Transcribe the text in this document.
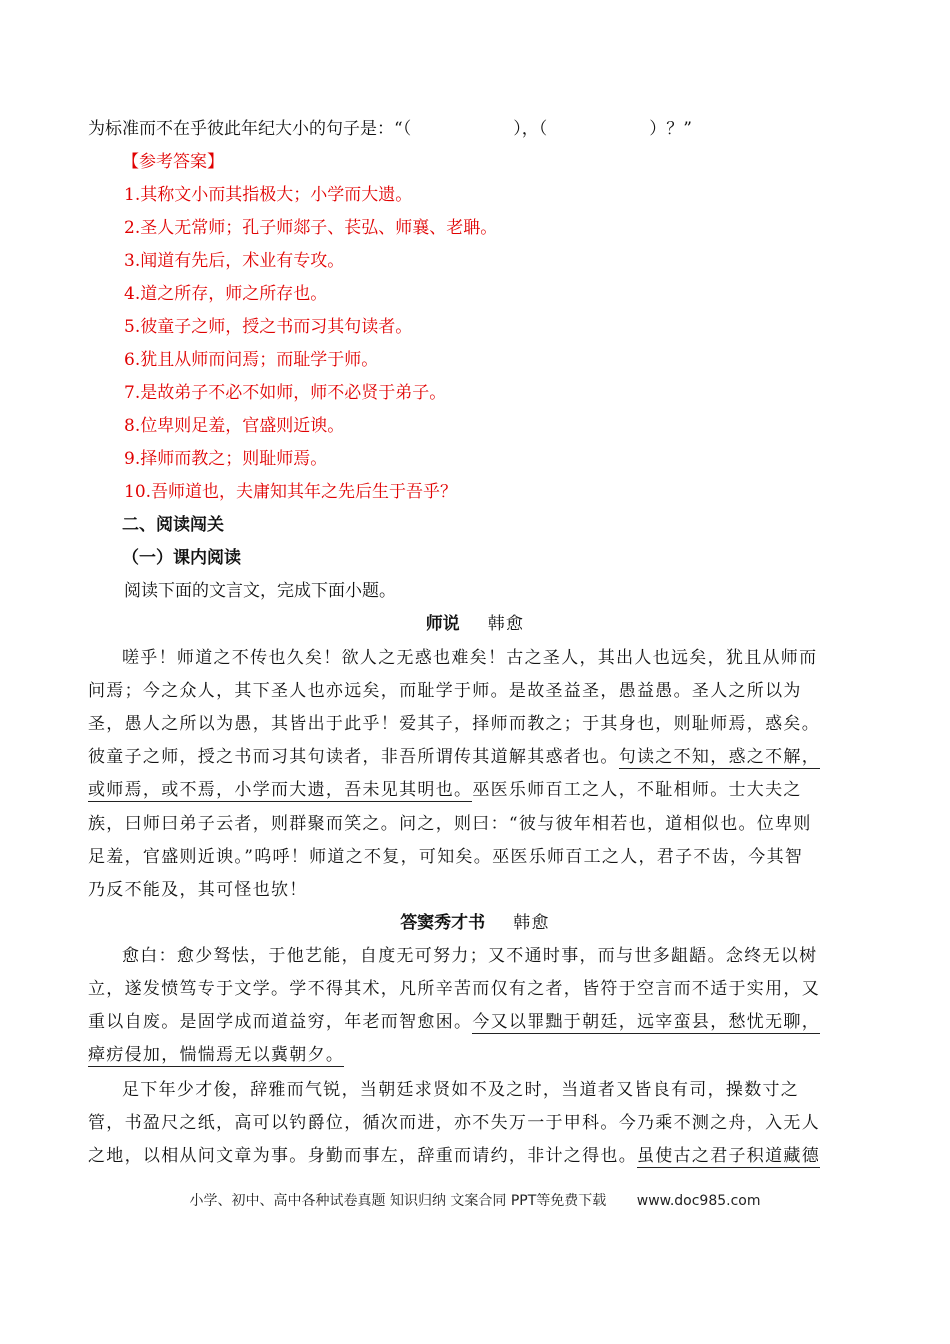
为标准而不在乎彼此年纪大小的句子是：“（　　　　　　），（　　　　　　）？”
【参考答案】
1.其称文小而其指极大；小学而大遗。
2.圣人无常师；孔子师郯子、苌弘、师襄、老聃。
3.闻道有先后，术业有专攻。
4.道之所存，师之所存也。
5.彼童子之师，授之书而习其句读者。
6.犹且从师而问焉；而耻学于师。
7.是故弟子不必不如师，师不必贤于弟子。
8.位卑则足羞，官盛则近谀。
9.择师而教之；则耻师焉。
10.吾师道也，夫庸知其年之先后生于吾乎？
二、阅读闯关
（一）课内阅读
阅读下面的文言文，完成下面小题。
师说 韩愈
嗟乎！师道之不传也久矣！欲人之无惑也难矣！古之圣人，其出人也远矣，犹且从师而
问焉；今之众人，其下圣人也亦远矣，而耻学于师。是故圣益圣，愚益愚。圣人之所以为
圣，愚人之所以为愚，其皆出于此乎！爱其子，择师而教之；于其身也，则耻师焉，惑矣。
彼童子之师，授之书而习其句读者，非吾所谓传其道解其惑者也。句读之不知，惑之不解，
或师焉，或不焉，小学而大遗，吾未见其明也。巫医乐师百工之人，不耻相师。士大夫之
族，曰师曰弟子云者，则群聚而笑之。问之，则曰：“彼与彼年相若也，道相似也。位卑则
足羞，官盛则近谀。”呜呼！师道之不复，可知矣。巫医乐师百工之人，君子不齿，今其智
乃反不能及，其可怪也欤！
答窦秀才书 韩愈
愈白：愈少驽怯，于他艺能，自度无可努力；又不通时事，而与世多龃龉。念终无以树
立，遂发愤笃专于文学。学不得其术，凡所辛苦而仅有之者，皆符于空言而不适于实用，又
重以自废。是固学成而道益穷，年老而智愈困。今又以罪黜于朝廷，远宰蛮县，愁忧无聊，
瘴疠侵加，惴惴焉无以冀朝夕。
足下年少才俊，辞雅而气锐，当朝廷求贤如不及之时，当道者又皆良有司，操数寸之
管，书盈尺之纸，高可以钓爵位，循次而进，亦不失万一于甲科。今乃乘不测之舟，入无人
之地，以相从问文章为事。身勤而事左，辞重而请约，非计之得也。虽使古之君子积道藏德
小学、初中、高中各种试卷真题 知识归纳 文案合同 PPT等免费下载 www.doc985.com
